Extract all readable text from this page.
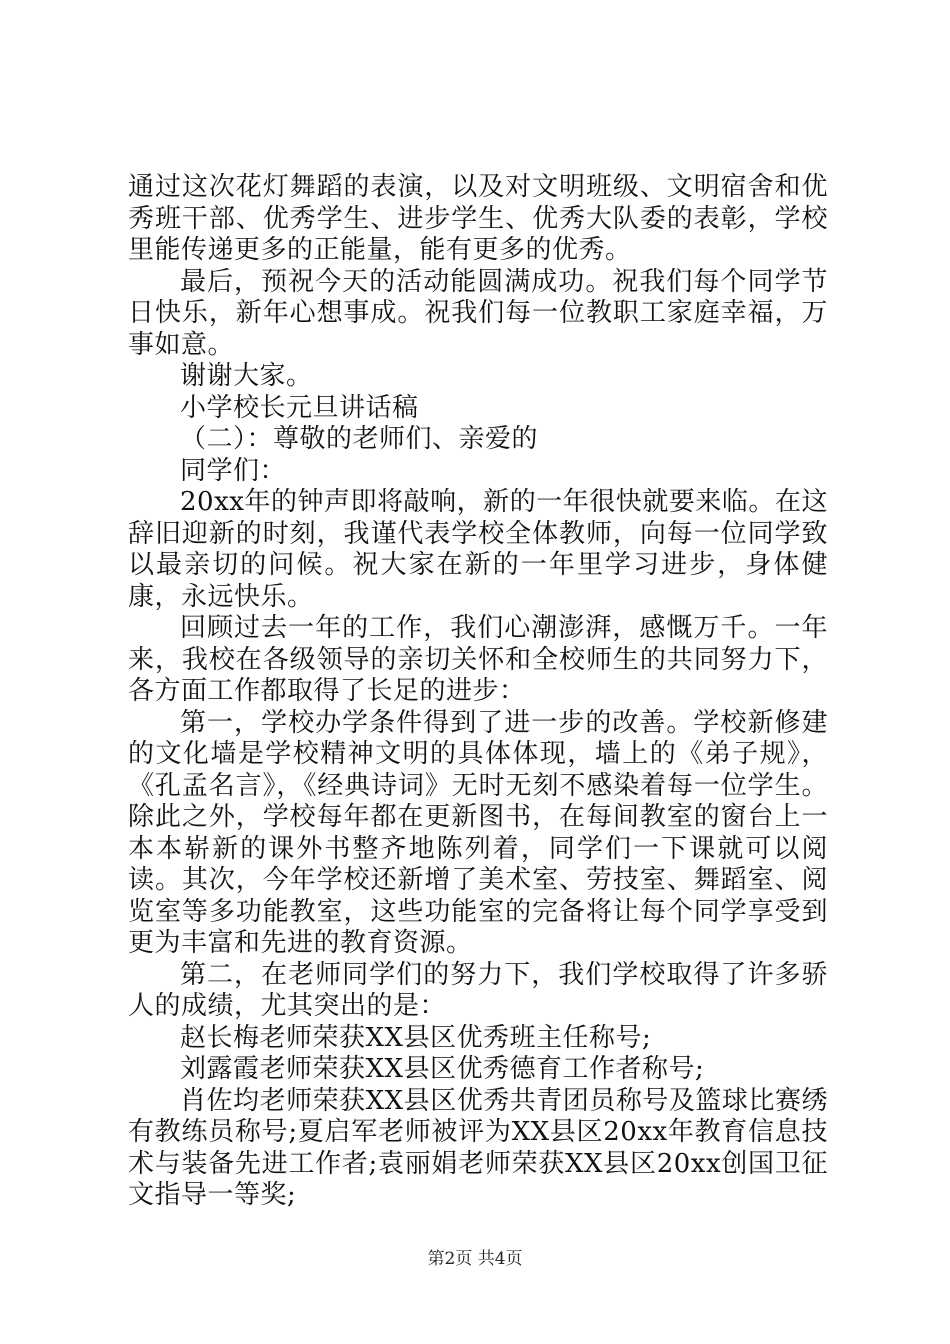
通过这次花灯舞蹈的表演，以及对文明班级、文明宿舍和优秀班干部、优秀学生、进步学生、优秀大队委的表彰，学校里能传递更多的正能量，能有更多的优秀。

最后，预祝今天的活动能圆满成功。祝我们每个同学节日快乐，新年心想事成。祝我们每一位教职工家庭幸福，万事如意。

谢谢大家。

小学校长元旦讲话稿

（二）：尊敬的老师们、亲爱的

同学们：

20xx年的钟声即将敲响，新的一年很快就要来临。在这辞旧迎新的时刻，我谨代表学校全体教师，向每一位同学致以最亲切的问候。祝大家在新的一年里学习进步，身体健康，永远快乐。

回顾过去一年的工作，我们心潮澎湃，感慨万千。一年来，我校在各级领导的亲切关怀和全校师生的共同努力下，各方面工作都取得了长足的进步：

第一，学校办学条件得到了进一步的改善。学校新修建的文化墙是学校精神文明的具体体现，墙上的《弟子规》，《孔孟名言》，《经典诗词》无时无刻不感染着每一位学生。除此之外，学校每年都在更新图书，在每间教室的窗台上一本本崭新的课外书整齐地陈列着，同学们一下课就可以阅读。其次，今年学校还新增了美术室、劳技室、舞蹈室、阅览室等多功能教室，这些功能室的完备将让每个同学享受到更为丰富和先进的教育资源。

第二，在老师同学们的努力下，我们学校取得了许多骄人的成绩，尤其突出的是：

赵长梅老师荣获XX县区优秀班主任称号;

刘露霞老师荣获XX县区优秀德育工作者称号;

肖佐均老师荣获XX县区优秀共青团员称号及篮球比赛绣有教练员称号;夏启军老师被评为XX县区20xx年教育信息技术与装备先进工作者;袁丽娟老师荣获XX县区20xx创国卫征文指导一等奖;

第2页 共4页
